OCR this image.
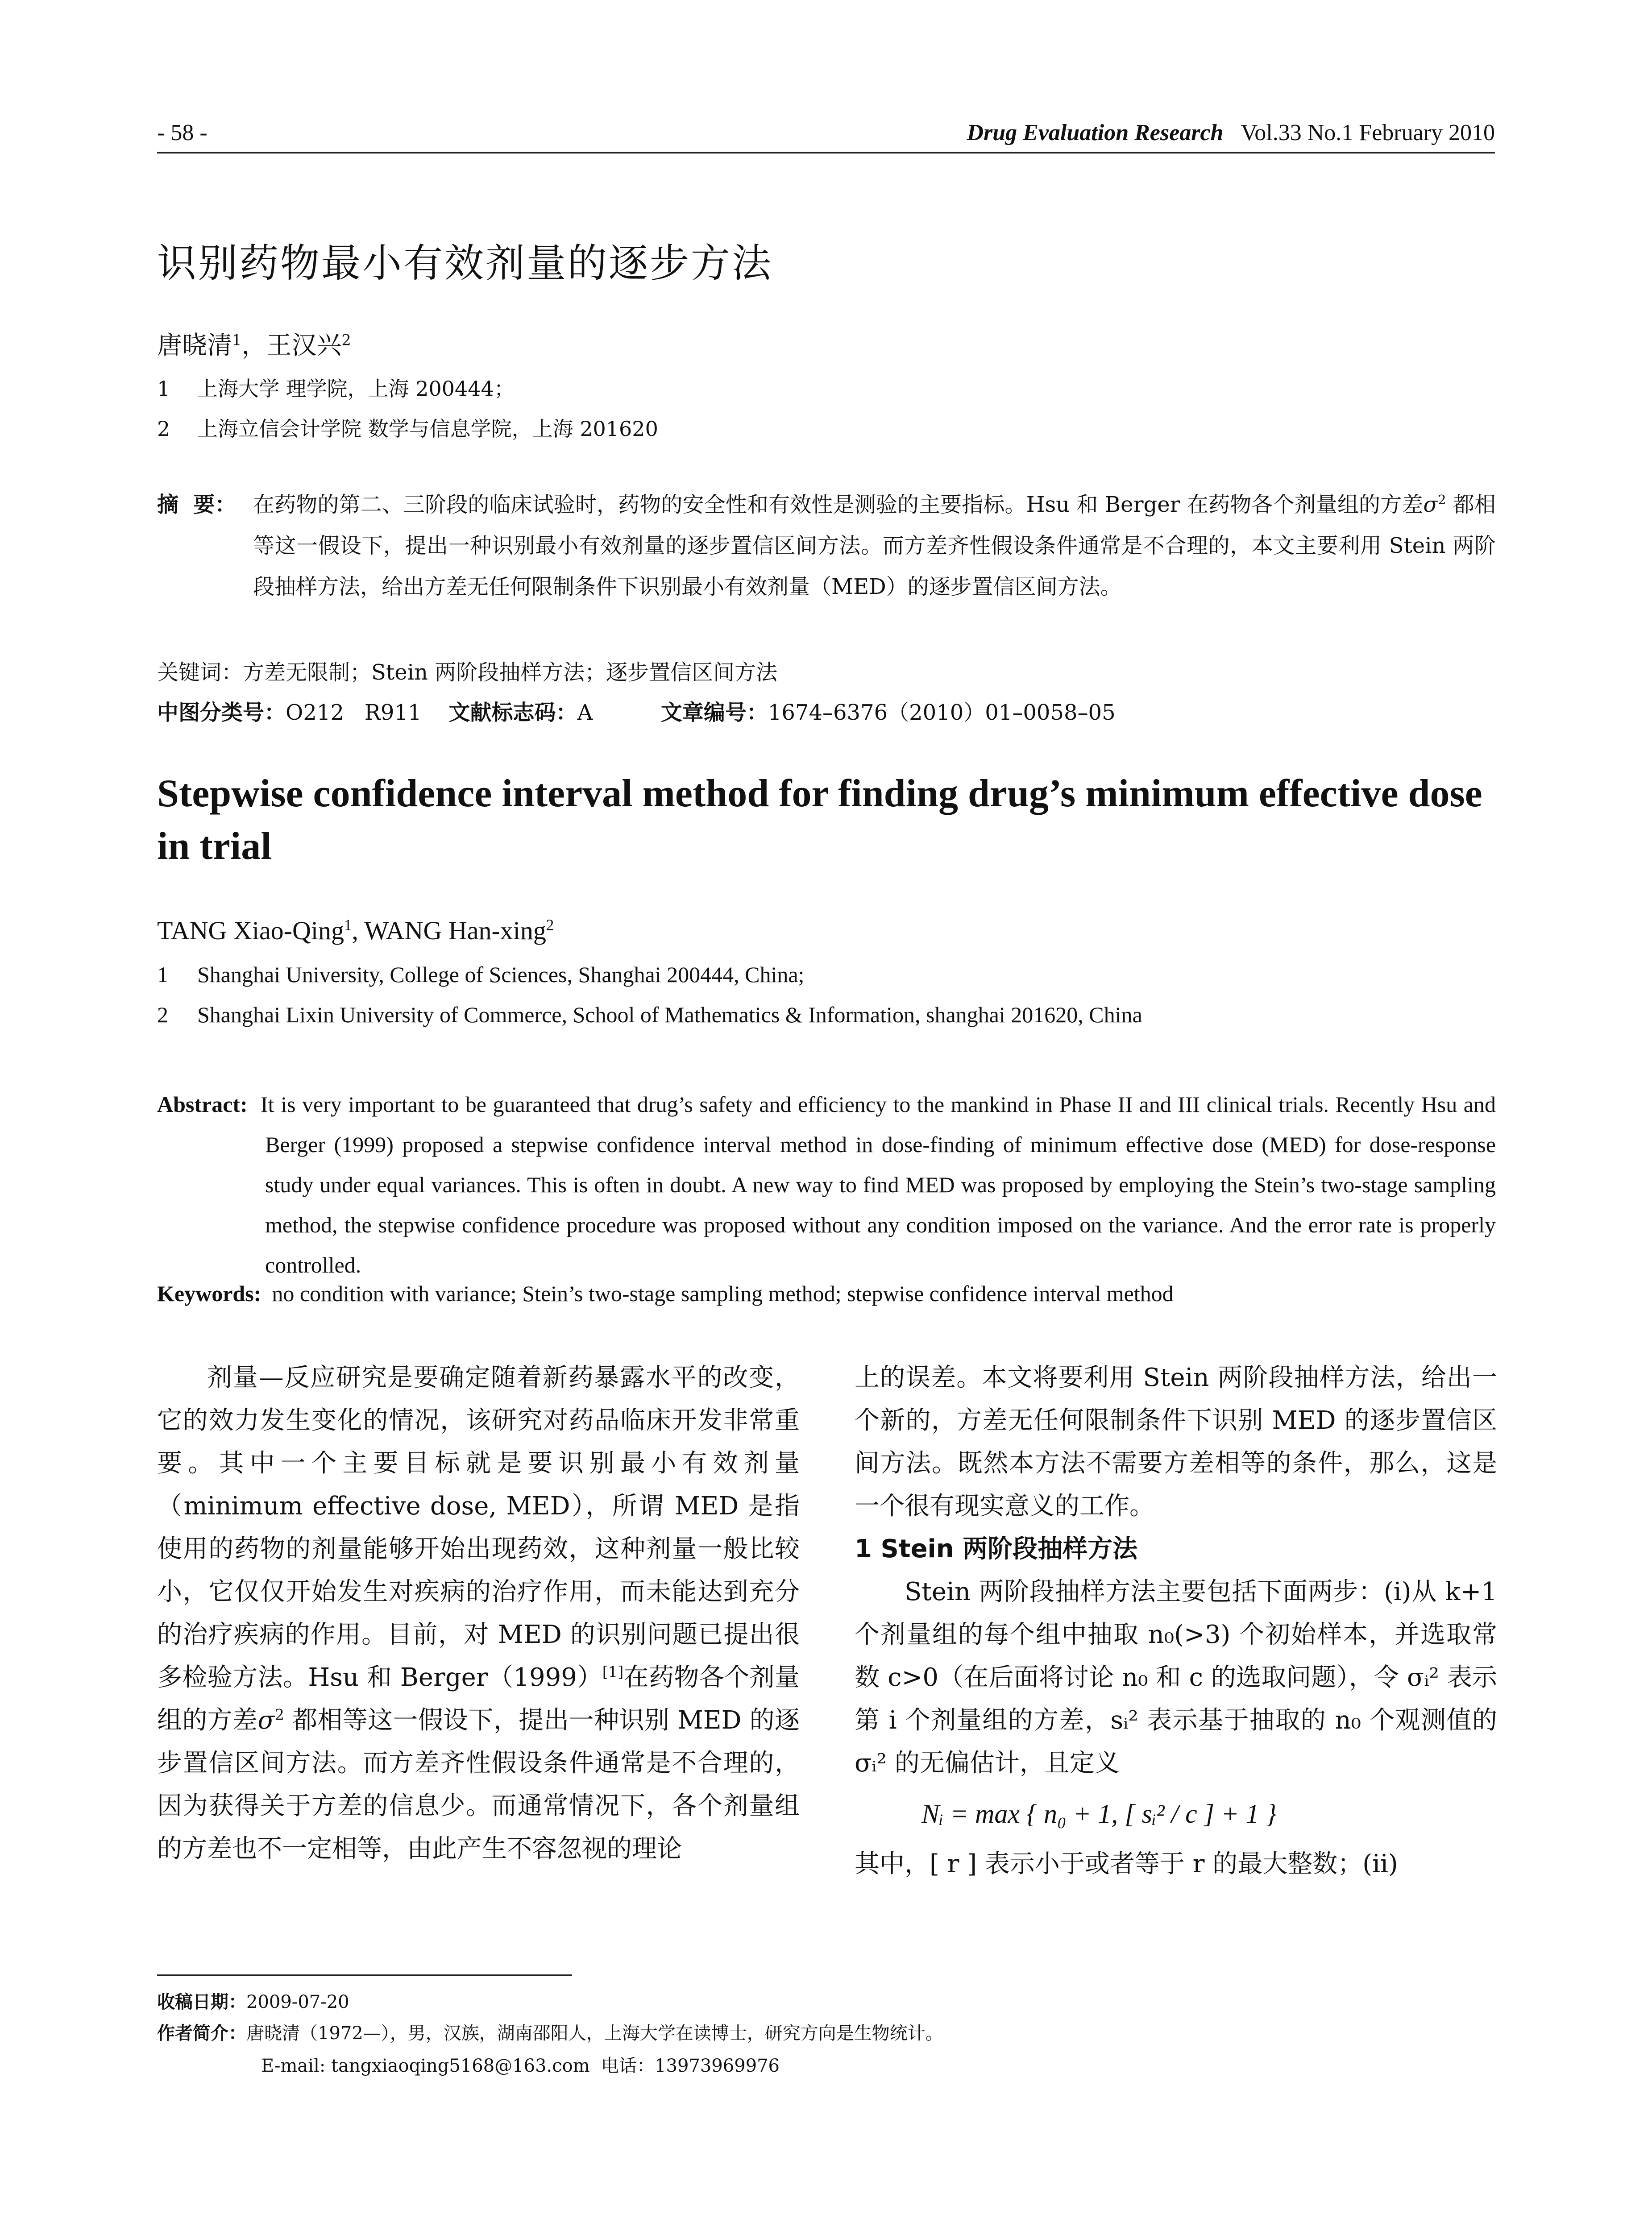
- 58 -	Drug Evaluation Research Vol.33 No.1 February 2010
识别药物最小有效剂量的逐步方法
唐晓清$^1$，王汉兴$^2$
1 上海大学 理学院，上海 200444；
2 上海立信会计学院 数学与信息学院，上海 201620
摘  要： 在药物的第二、三阶段的临床试验时，药物的安全性和有效性是测验的主要指标。Hsu 和 Berger 在药物各个剂量组的方差$\sigma^2$ 都相等这一假设下，提出一种识别最小有效剂量的逐步置信区间方法。而方差齐性假设条件通常是不合理的，本文主要利用 Stein 两阶段抽样方法，给出方差无任何限制条件下识别最小有效剂量（MED）的逐步置信区间方法。
关键词：方差无限制；Stein 两阶段抽样方法；逐步置信区间方法
中图分类号：O212   R911 文献标志码：A	文章编号：1674–6376（2010）01–0058–05
Stepwise confidence interval method for finding drug’s minimum effective dose in trial
TANG Xiao-Qing$^1$, WANG Han-xing$^2$
1 Shanghai University, College of Sciences, Shanghai 200444, China;
2 Shanghai Lixin University of Commerce, School of Mathematics & Information, shanghai 201620, China
Abstract: It is very important to be guaranteed that drug’s safety and efficiency to the mankind in Phase II and III clinical trials. Recently Hsu and Berger (1999) proposed a stepwise confidence interval method in dose-finding of minimum effective dose (MED) for dose-response study under equal variances. This is often in doubt. A new way to find MED was proposed by employing the Stein’s two-stage sampling method, the stepwise confidence procedure was proposed without any condition imposed on the variance. And the error rate is properly controlled.
Keywords: no condition with variance; Stein’s two-stage sampling method; stepwise confidence interval method

剂量—反应研究是要确定随着新药暴露水平的改变，它的效力发生变化的情况，该研究对药品临床开发非常重要。其中一个主要目标就是要识别最小有效剂量（minimum effective dose, MED），所谓 MED 是指使用的药物的剂量能够开始出现药效，这种剂量一般比较小，它仅仅开始发生对疾病的治疗作用，而未能达到充分的治疗疾病的作用。目前，对 MED 的识别问题已提出很多检验方法。Hsu 和 Berger（1999）[1]在药物各个剂量组的方差$\sigma^2$ 都相等这一假设下，提出一种识别 MED 的逐步置信区间方法。而方差齐性假设条件通常是不合理的，因为获得关于方差的信息少。而通常情况下，各个剂量组的方差也不一定相等，由此产生不容忽视的理论

上的误差。本文将要利用 Stein 两阶段抽样方法，给出一个新的，方差无任何限制条件下识别 MED 的逐步置信区间方法。既然本方法不需要方差相等的条件，那么，这是一个很有现实意义的工作。

1 Stein 两阶段抽样方法

Stein 两阶段抽样方法主要包括下面两步：(i)从 k+1 个剂量组的每个组中抽取 n₀(>3) 个初始样本，并选取常数 c>0（在后面将讨论 n₀ 和 c 的选取问题），令 σᵢ² 表示第 i 个剂量组的方差，sᵢ² 表示基于抽取的 n₀ 个观测值的 σᵢ² 的无偏估计，且定义

Nᵢ = max { n₀ + 1, [ sᵢ² / c ] + 1 }

其中，[ r ] 表示小于或者等于 r 的最大整数；(ii)

收稿日期：2009-07-20
作者简介：唐晓清（1972—），男，汉族，湖南邵阳人，上海大学在读博士，研究方向是生物统计。
E-mail: tangxiaoqing5168@163.com  电话：13973969976
